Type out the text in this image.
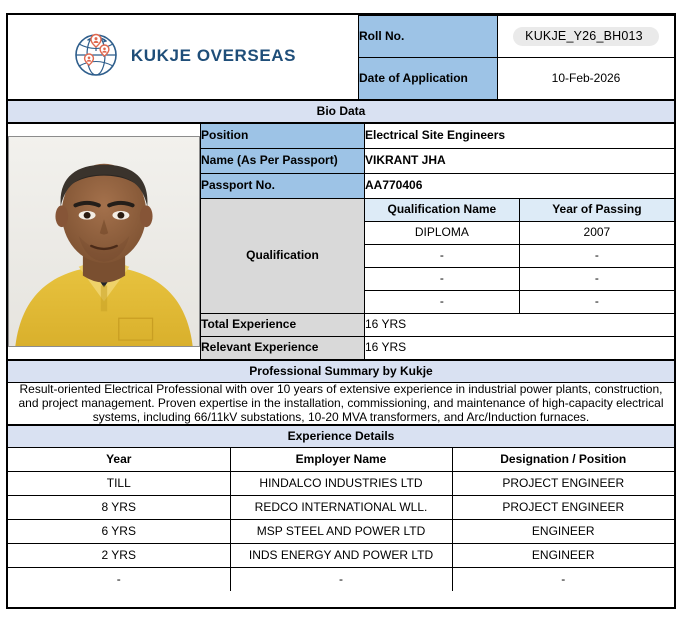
KUKJE OVERSEAS	Roll No.	KUKJE_Y26_BH013
	Date of Application	10-Feb-2026
Bio Data
	Position	Electrical Site Engineers	
	Name (As Per Passport)	VIKRANT JHA	
	Passport No.	AA770406	
	Qualification	Qualification Name	Year of Passing
		DIPLOMA	2007
		-	-
		-	-
		-	-
	Total Experience	16 YRS	
	Relevant Experience	16 YRS	
Professional Summary by Kukje
Result-oriented Electrical Professional with over 10 years of extensive experience in industrial power plants, construction, and project management. Proven expertise in the installation, commissioning, and maintenance of high-capacity electrical systems, including 66/11kV substations, 10-20 MVA transformers, and Arc/Induction furnaces.
Experience Details		
Year	Employer Name	Designation / Position
TILL	HINDALCO INDUSTRIES LTD	PROJECT ENGINEER
8 YRS	REDCO INTERNATIONAL WLL.	PROJECT ENGINEER
6 YRS	MSP STEEL AND POWER LTD	ENGINEER
2 YRS	INDS ENERGY AND POWER LTD	ENGINEER
-	-	-
